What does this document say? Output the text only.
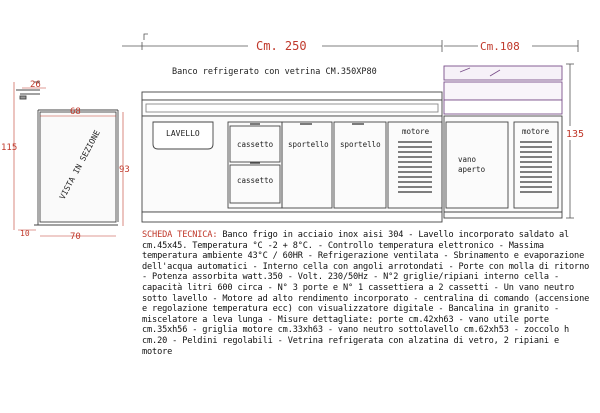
Cm. 250	Cm.108
Banco refrigerato con vetrina CM.350XP80
135
26
68
115
93
10	70
VISTA IN SEZIONE	LAVELLO
cassetto
cassetto
sportello sportello
motore	motore
vano aperto
SCHEDA TECNICA: Banco frigo in acciaio inox aisi 304 - Lavello incorporato saldato al cm.45x45. Temperatura °C -2 + 8°C. - Controllo temperatura elettronico - Massima temperatura ambiente 43°C / 60HR - Refrigerazione ventilata - Sbrinamento e evaporazione dell'acqua automatici - Interno cella con angoli arrotondati - Porte con molla di ritorno - Potenza assorbita watt.350 - Volt. 230/50Hz - N°2 griglie/ripiani interno cella - capacità litri 600 circa - N° 3 porte e N° 1 cassettiera a 2 cassetti - Un vano neutro sotto lavello - Motore ad alto rendimento incorporato - centralina di comando (accensione e regolazione temperatura ecc) con visualizzatore digitale - Bancalina in granito - miscelatore a leva lunga - Misure dettagliate: porte cm.42xh63 - vano utile porte cm.35xh56 - griglia motore cm.33xh63 - vano neutro sottolavello cm.62xh53 - zoccolo h cm.20 - Peldini regolabili - Vetrina refrigerata con alzatina di vetro, 2 ripiani e motore
